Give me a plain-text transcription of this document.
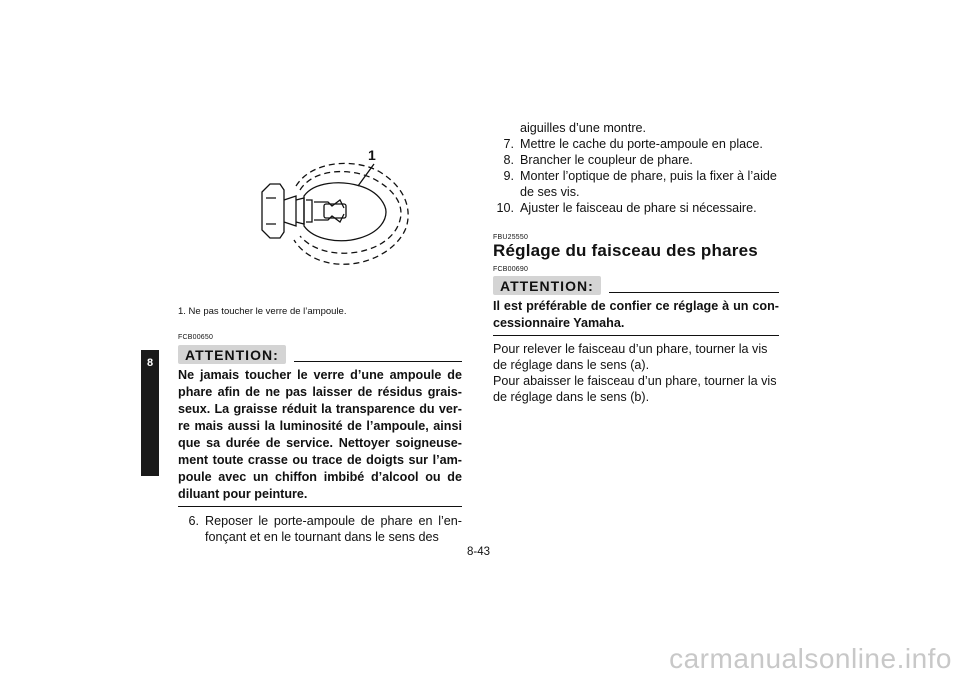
8
1
1. Ne pas toucher le verre de l’ampoule.
FCB00650
ATTENTION:
Ne jamais toucher le verre d’une ampoule de phare afin de ne pas laisser de résidus grais-seux. La graisse réduit la transparence du ver-re mais aussi la luminosité de l’ampoule, ainsi que sa durée de service. Nettoyer soigneuse-ment toute crasse ou trace de doigts sur l’am-poule avec un chiffon imbibé d’alcool ou de diluant pour peinture.
6. Reposer le porte-ampoule de phare en l’en-fonçant et en le tournant dans le sens des
aiguilles d’une montre.
7. Mettre le cache du porte-ampoule en place.
8. Brancher le coupleur de phare.
9. Monter l’optique de phare, puis la fixer à l’aide de ses vis.
10. Ajuster le faisceau de phare si nécessaire.
FBU25550
Réglage du faisceau des phares
FCB00690
ATTENTION:
Il est préférable de confier ce réglage à un con-cessionnaire Yamaha.
Pour relever le faisceau d’un phare, tourner la vis de réglage dans le sens (a).
Pour abaisser le faisceau d’un phare, tourner la vis de réglage dans le sens (b).
8-43
carmanualsonline.info
